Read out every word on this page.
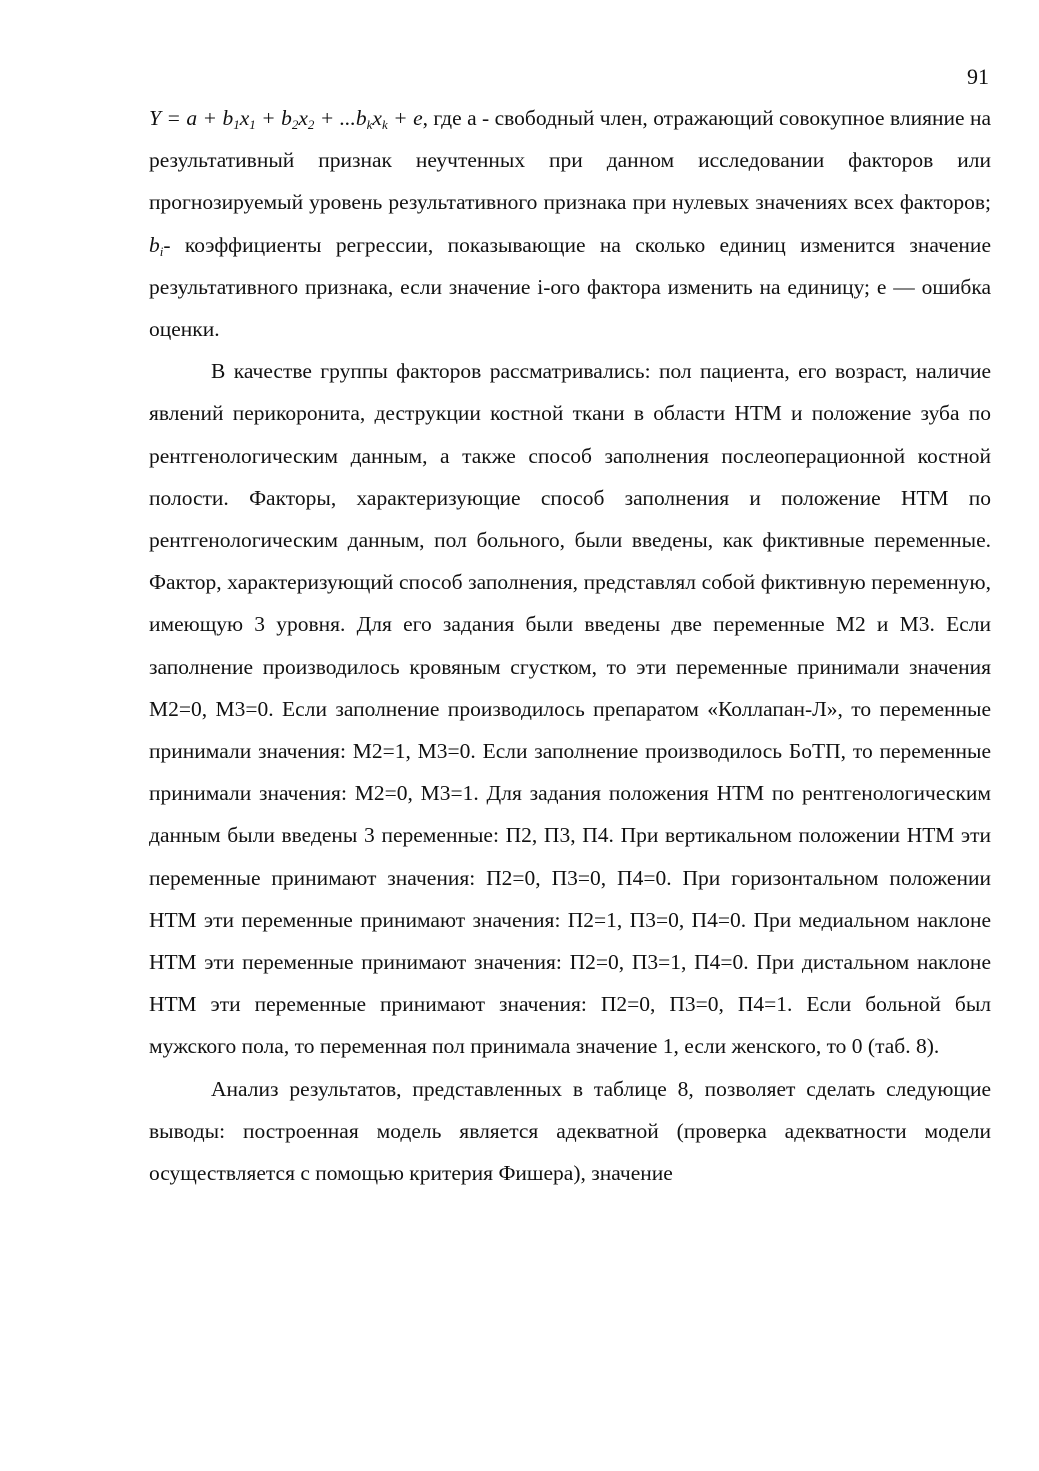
91

$Y = a + b_1x_1 + b_2x_2 + ...b_kx_k + e$, где а - свободный член, отражающий совокупное влияние на результативный признак неучтенных при данном исследовании факторов или прогнозируемый уровень результативного признака при нулевых значениях всех факторов; $b_i-$ коэффициенты регрессии, показывающие на сколько единиц изменится значение результативного признака, если значение i-ого фактора изменить на единицу; е — ошибка оценки.

В качестве группы факторов рассматривались: пол пациента, его возраст, наличие явлений перикоронита, деструкции костной ткани в области НТМ и положение зуба по рентгенологическим данным, а также способ заполнения послеоперационной костной полости. Факторы, характеризующие способ заполнения и положение НТМ по рентгенологическим данным, пол больного, были введены, как фиктивные переменные. Фактор, характеризующий способ заполнения, представлял собой фиктивную переменную, имеющую 3 уровня. Для его задания были введены две переменные М2 и М3. Если заполнение производилось кровяным сгустком, то эти переменные принимали значения М2=0, М3=0. Если заполнение производилось препаратом «Коллапан-Л», то переменные принимали значения: М2=1, М3=0. Если заполнение производилось БоТП, то переменные принимали значения: М2=0, М3=1. Для задания положения НТМ по рентгенологическим данным были введены 3 переменные: П2, П3, П4. При вертикальном положении НТМ эти переменные принимают значения: П2=0, П3=0, П4=0. При горизонтальном положении НТМ эти переменные принимают значения: П2=1, П3=0, П4=0. При медиальном наклоне НТМ эти переменные принимают значения: П2=0, П3=1, П4=0. При дистальном наклоне НТМ эти переменные принимают значения: П2=0, П3=0, П4=1. Если больной был мужского пола, то переменная пол принимала значение 1, если женского, то 0 (таб. 8).

Анализ результатов, представленных в таблице 8, позволяет сделать следующие выводы: построенная модель является адекватной (проверка адекватности модели осуществляется с помощью критерия Фишера), значение
